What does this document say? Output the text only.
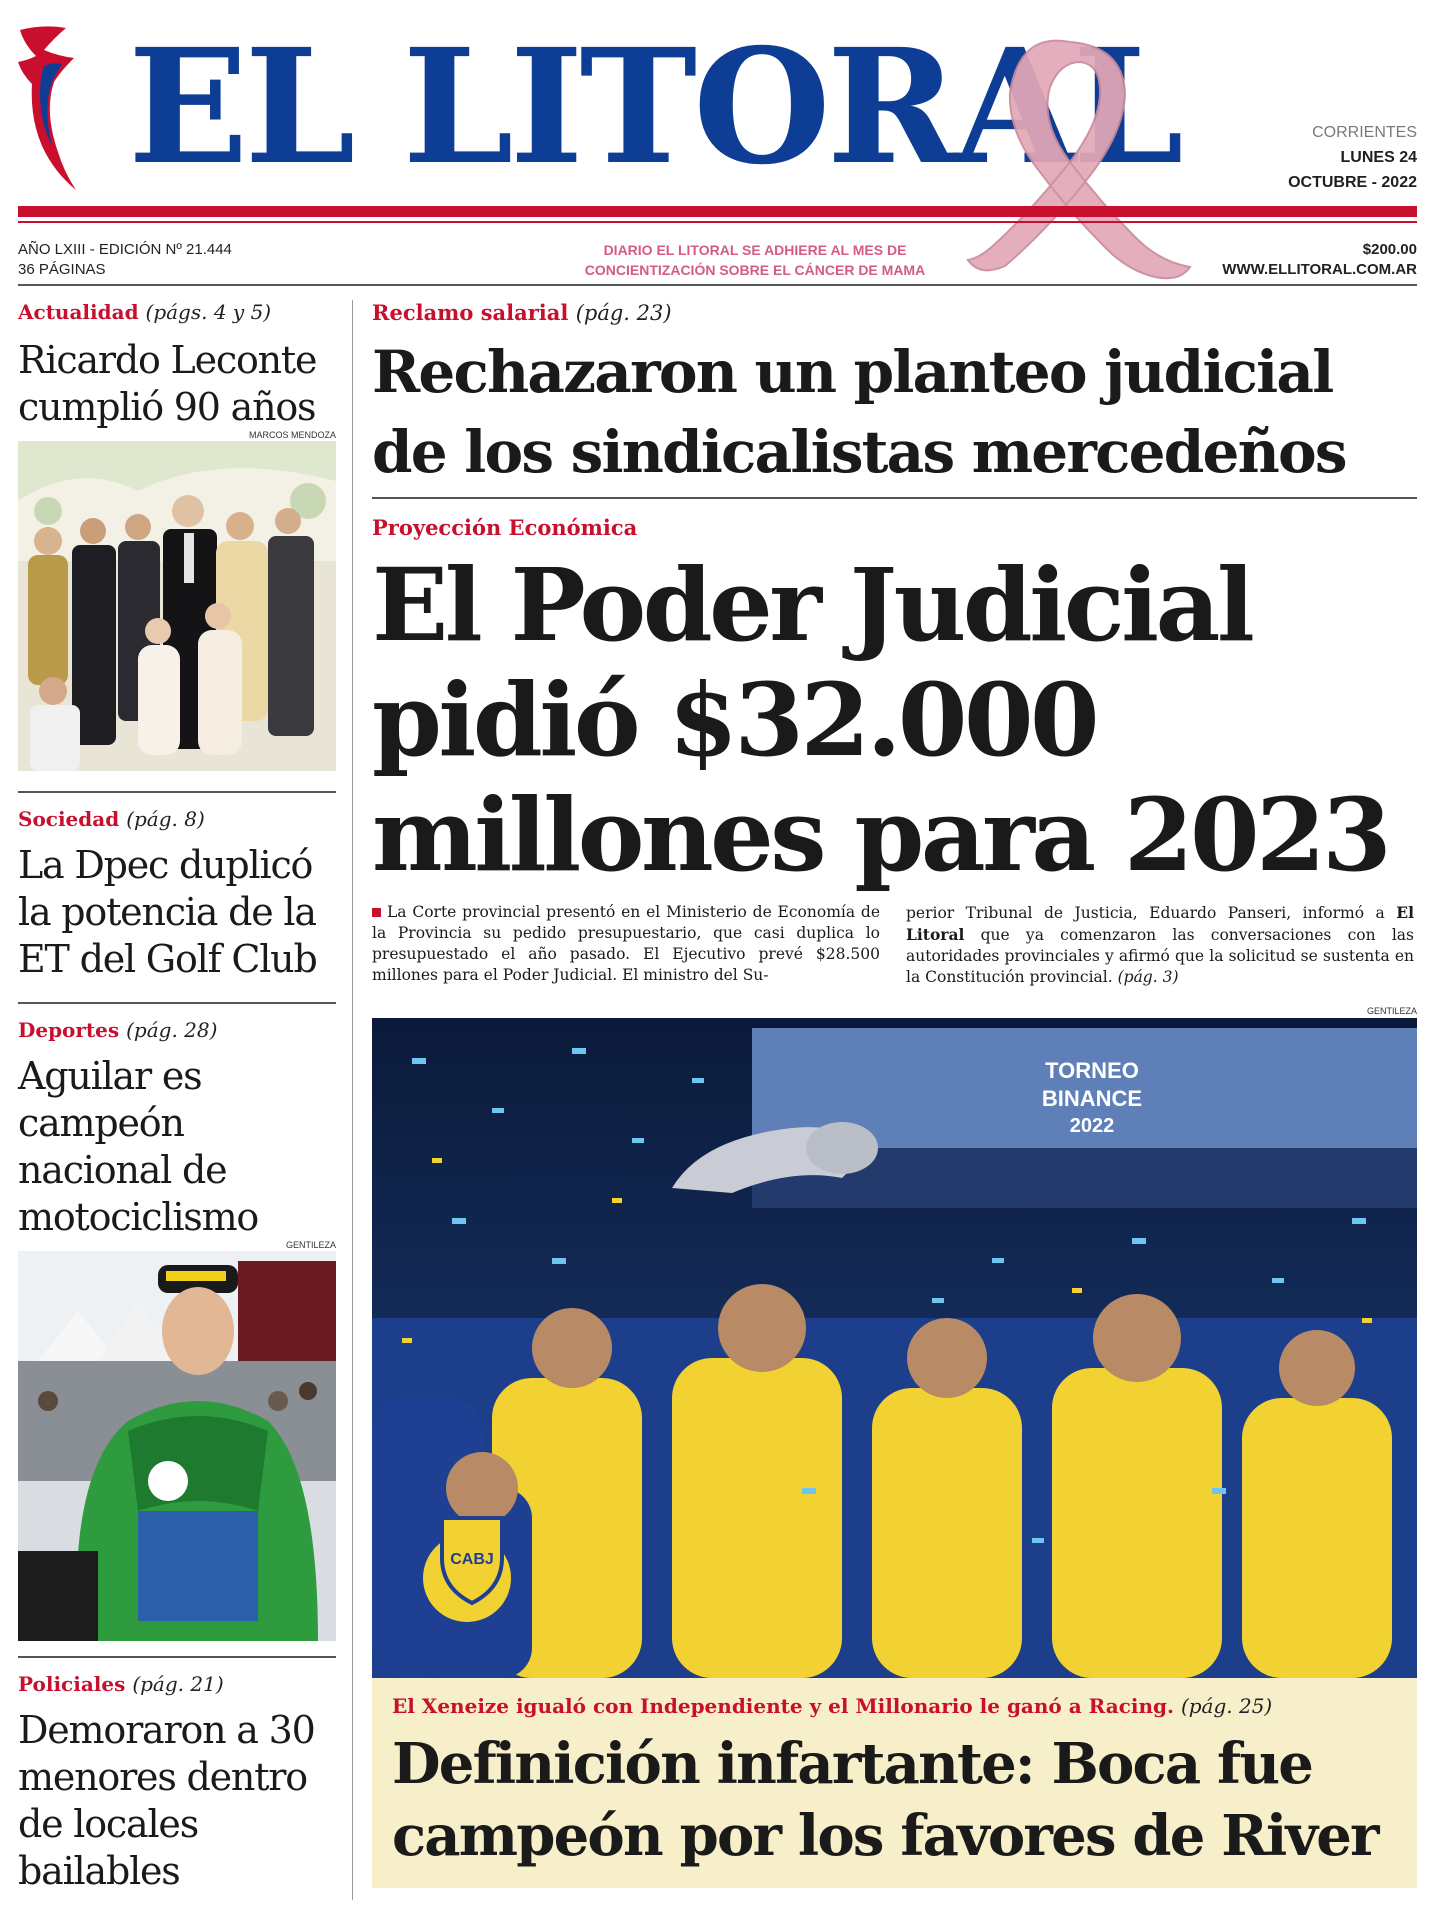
EL LITORAL	CORRIENTES
LUNES 24
OCTUBRE - 2022
AÑO LXIII - EDICIÓN Nº 21.444
36 PÁGINAS
DIARIO EL LITORAL SE ADHIERE AL MES DE
CONCIENTIZACIÓN SOBRE EL CÁNCER DE MAMA
$200.00
WWW.ELLITORAL.COM.AR
Actualidad (págs. 4 y 5)
Ricardo Leconte
cumplió 90 años
MARCOS MENDOZA
Sociedad (pág. 8)
La Dpec duplicó
la potencia de la
ET del Golf Club
Deportes (pág. 28)
Aguilar es
campeón
nacional de
motociclismo
GENTILEZA
Policiales (pág. 21)
Demoraron a 30
menores dentro
de locales
bailables
Reclamo salarial (pág. 23)
Rechazaron un planteo judicial
de los sindicalistas mercedeños
Proyección Económica
El Poder Judicial
pidió $32.000
millones para 2023
La Corte provincial presentó en el Ministerio de Economía de la Provincia su pedido presupuestario, que casi duplica lo presupuestado el año pasado. El Ejecutivo prevé $28.500 millones para el Poder Judicial. El ministro del Su-
perior Tribunal de Justicia, Eduardo Panseri, informó a El Litoral que ya comenzaron las conversaciones con las autoridades provinciales y afirmó que la solicitud se sustenta en la Constitución provincial. (pág. 3)
GENTILEZA
TORNEO
BINANCE
2022
CABJ
El Xeneize igualó con Independiente y el Millonario le ganó a Racing. (pág. 25)
Definición infartante: Boca fue
campeón por los favores de River
